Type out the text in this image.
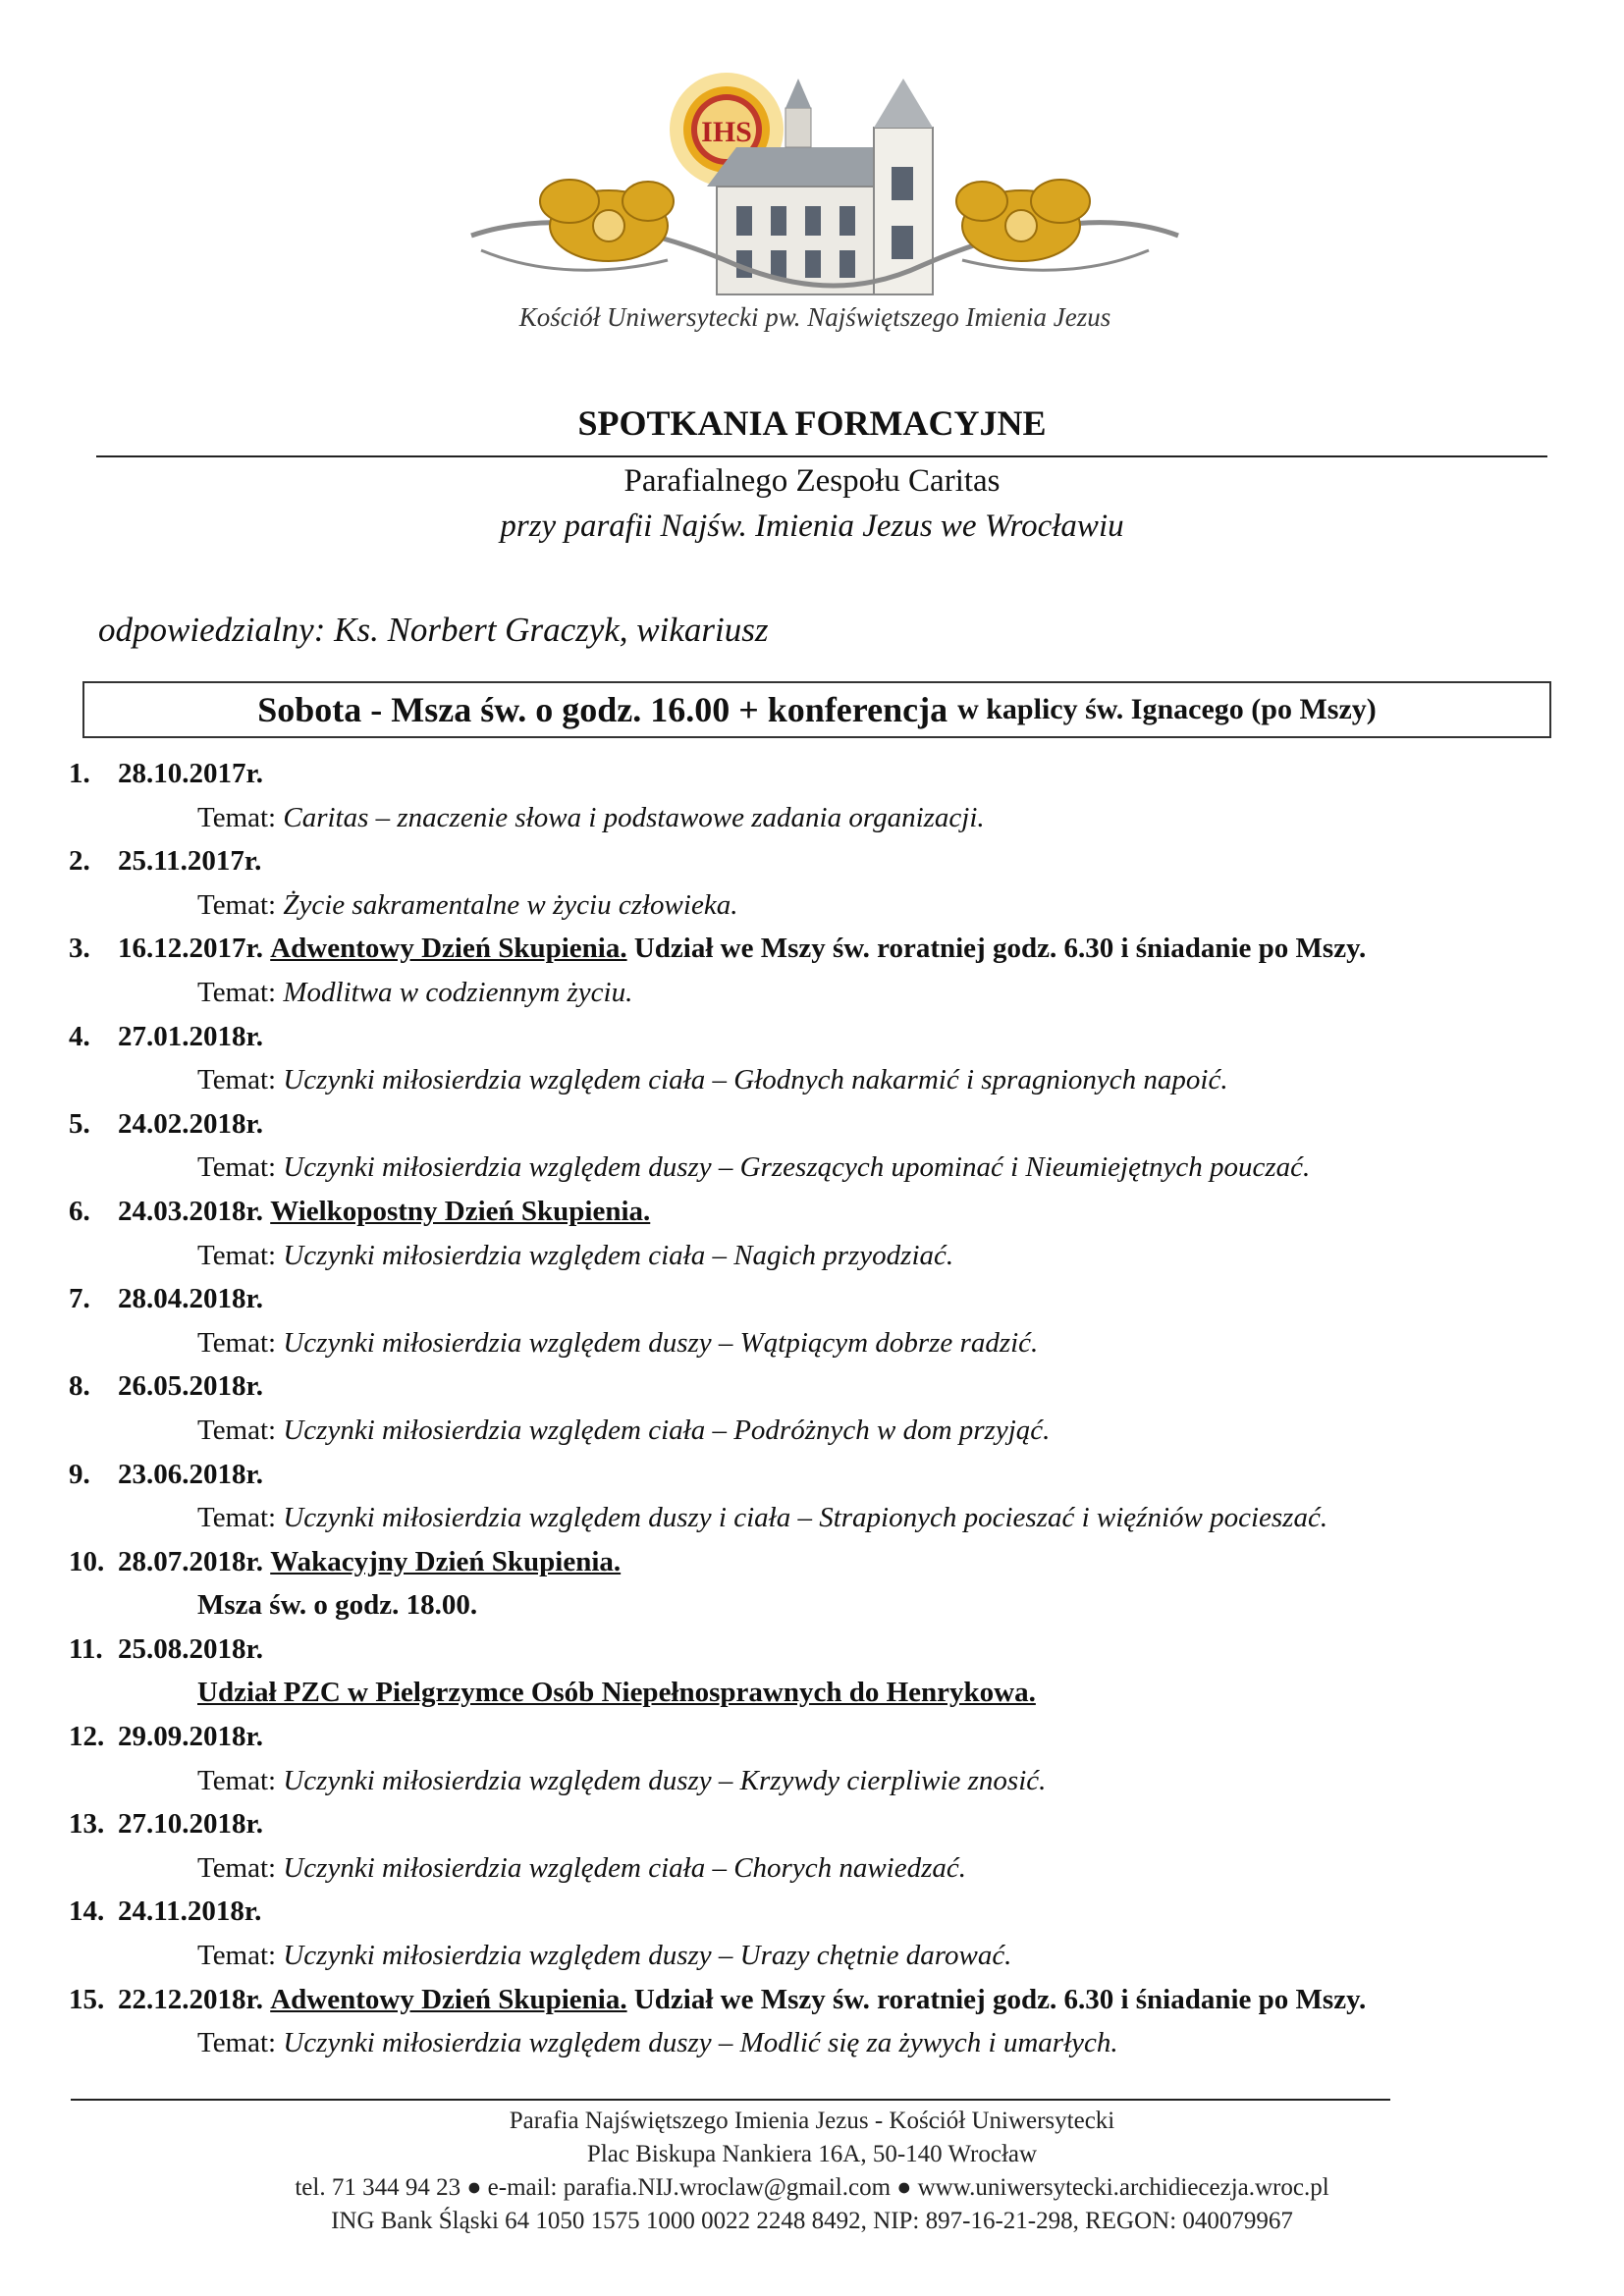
IHS
Kościół Uniwersytecki pw. Najświętszego Imienia Jezus
SPOTKANIA FORMACYJNE
Parafialnego Zespołu Caritas
przy parafii Najśw. Imienia Jezus we Wrocławiu
odpowiedzialny: Ks. Norbert Graczyk, wikariusz
Sobota - Msza św. o godz. 16.00 + konferencja w kaplicy św. Ignacego (po Mszy)
1. 28.10.2017r.
Temat: Caritas – znaczenie słowa i podstawowe zadania organizacji.
2. 25.11.2017r.
Temat: Życie sakramentalne w życiu człowieka.
3. 16.12.2017r. Adwentowy Dzień Skupienia. Udział we Mszy św. roratniej godz. 6.30 i śniadanie po Mszy.
Temat: Modlitwa w codziennym życiu.
4. 27.01.2018r.
Temat: Uczynki miłosierdzia względem ciała – Głodnych nakarmić i spragnionych napoić.
5. 24.02.2018r.
Temat: Uczynki miłosierdzia względem duszy – Grzeszących upominać i Nieumiejętnych pouczać.
6. 24.03.2018r. Wielkopostny Dzień Skupienia.
Temat: Uczynki miłosierdzia względem ciała – Nagich przyodziać.
7. 28.04.2018r.
Temat: Uczynki miłosierdzia względem duszy – Wątpiącym dobrze radzić.
8. 26.05.2018r.
Temat: Uczynki miłosierdzia względem ciała – Podróżnych w dom przyjąć.
9. 23.06.2018r.
Temat: Uczynki miłosierdzia względem duszy i ciała – Strapionych pocieszać i więźniów pocieszać.
10. 28.07.2018r. Wakacyjny Dzień Skupienia.
Msza św. o godz. 18.00.
11. 25.08.2018r.
Udział PZC w Pielgrzymce Osób Niepełnosprawnych do Henrykowa.
12. 29.09.2018r.
Temat: Uczynki miłosierdzia względem duszy – Krzywdy cierpliwie znosić.
13. 27.10.2018r.
Temat: Uczynki miłosierdzia względem ciała – Chorych nawiedzać.
14. 24.11.2018r.
Temat: Uczynki miłosierdzia względem duszy – Urazy chętnie darować.
15. 22.12.2018r. Adwentowy Dzień Skupienia. Udział we Mszy św. roratniej godz. 6.30 i śniadanie po Mszy.
Temat: Uczynki miłosierdzia względem duszy – Modlić się za żywych i umarłych.
Parafia Najświętszego Imienia Jezus - Kościół Uniwersytecki
Plac Biskupa Nankiera 16A, 50-140 Wrocław
tel. 71 344 94 23 ● e-mail: parafia.NIJ.wroclaw@gmail.com ● www.uniwersytecki.archidiecezja.wroc.pl
ING Bank Śląski 64 1050 1575 1000 0022 2248 8492, NIP: 897-16-21-298, REGON: 040079967
